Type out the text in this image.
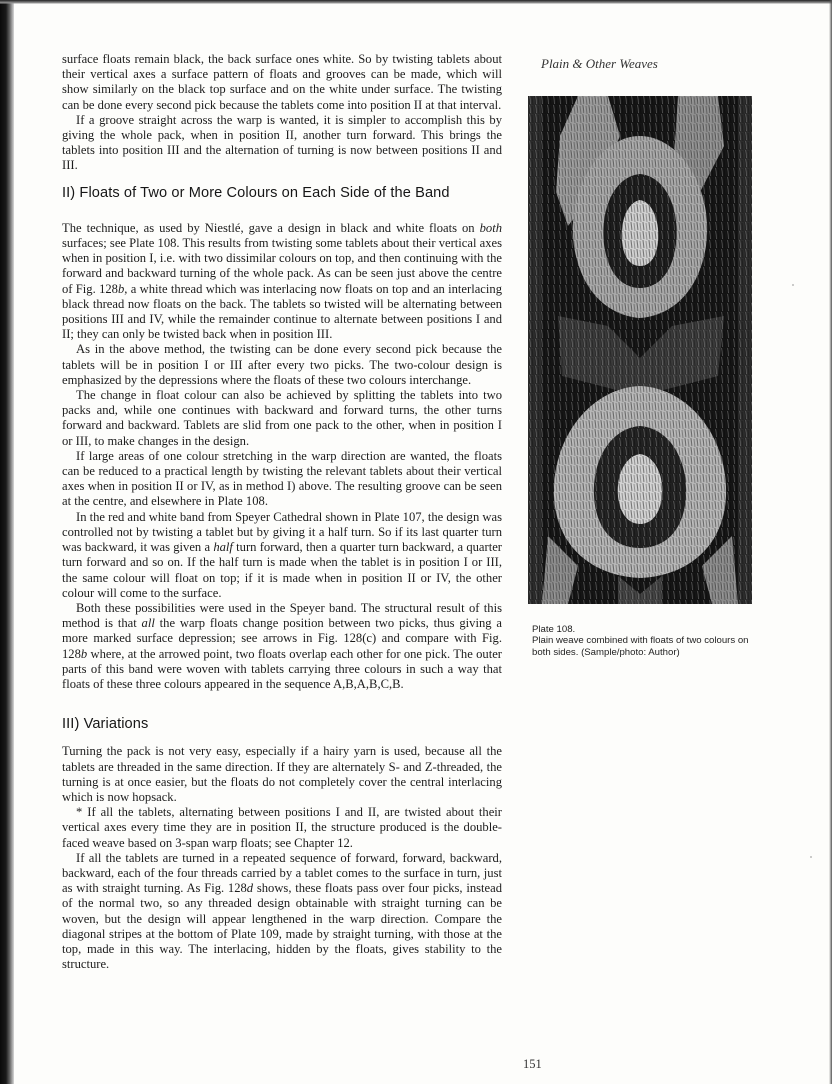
Plain & Other Weaves

surface floats remain black, the back surface ones white. So by twisting tablets about their vertical axes a surface pattern of floats and grooves can be made, which will show similarly on the black top surface and on the white under surface. The twisting can be done every second pick because the tablets come into position II at that interval.

If a groove straight across the warp is wanted, it is simpler to accomplish this by giving the whole pack, when in position II, another turn forward. This brings the tablets into position III and the alternation of turning is now between positions II and III.

II) Floats of Two or More Colours on Each Side of the Band

The technique, as used by Niestlé, gave a design in black and white floats on both surfaces; see Plate 108. This results from twisting some tablets about their vertical axes when in position I, i.e. with two dissimilar colours on top, and then continuing with the forward and backward turning of the whole pack. As can be seen just above the centre of Fig. 128b, a white thread which was interlacing now floats on top and an interlacing black thread now floats on the back. The tablets so twisted will be alternating between positions III and IV, while the remainder continue to alternate between positions I and II; they can only be twisted back when in position III.

As in the above method, the twisting can be done every second pick because the tablets will be in position I or III after every two picks. The two-colour design is emphasized by the depressions where the floats of these two colours interchange.

The change in float colour can also be achieved by splitting the tablets into two packs and, while one continues with backward and forward turns, the other turns forward and backward. Tablets are slid from one pack to the other, when in position I or III, to make changes in the design.

If large areas of one colour stretching in the warp direction are wanted, the floats can be reduced to a practical length by twisting the relevant tablets about their vertical axes when in position II or IV, as in method I) above. The resulting groove can be seen at the centre, and elsewhere in Plate 108.

In the red and white band from Speyer Cathedral shown in Plate 107, the design was controlled not by twisting a tablet but by giving it a half turn. So if its last quarter turn was backward, it was given a half turn forward, then a quarter turn backward, a quarter turn forward and so on. If the half turn is made when the tablet is in position I or III, the same colour will float on top; if it is made when in position II or IV, the other colour will come to the surface.

Both these possibilities were used in the Speyer band. The structural result of this method is that all the warp floats change position between two picks, thus giving a more marked surface depression; see arrows in Fig. 128(c) and compare with Fig. 128b where, at the arrowed point, two floats overlap each other for one pick. The outer parts of this band were woven with tablets carrying three colours in such a way that floats of these three colours appeared in the sequence A,B,A,B,C,B.

III) Variations

Turning the pack is not very easy, especially if a hairy yarn is used, because all the tablets are threaded in the same direction. If they are alternately S- and Z-threaded, the turning is at once easier, but the floats do not completely cover the central interlacing which is now hopsack.

* If all the tablets, alternating between positions I and II, are twisted about their vertical axes every time they are in position II, the structure produced is the double-faced weave based on 3-span warp floats; see Chapter 12.

If all the tablets are turned in a repeated sequence of forward, forward, backward, backward, each of the four threads carried by a tablet comes to the surface in turn, just as with straight turning. As Fig. 128d shows, these floats pass over four picks, instead of the normal two, so any threaded design obtainable with straight turning can be woven, but the design will appear lengthened in the warp direction. Compare the diagonal stripes at the bottom of Plate 109, made by straight turning, with those at the top, made in this way. The interlacing, hidden by the floats, gives stability to the structure.

Plate 108.
Plain weave combined with floats of two colours on both sides. (Sample/photo: Author)
151
